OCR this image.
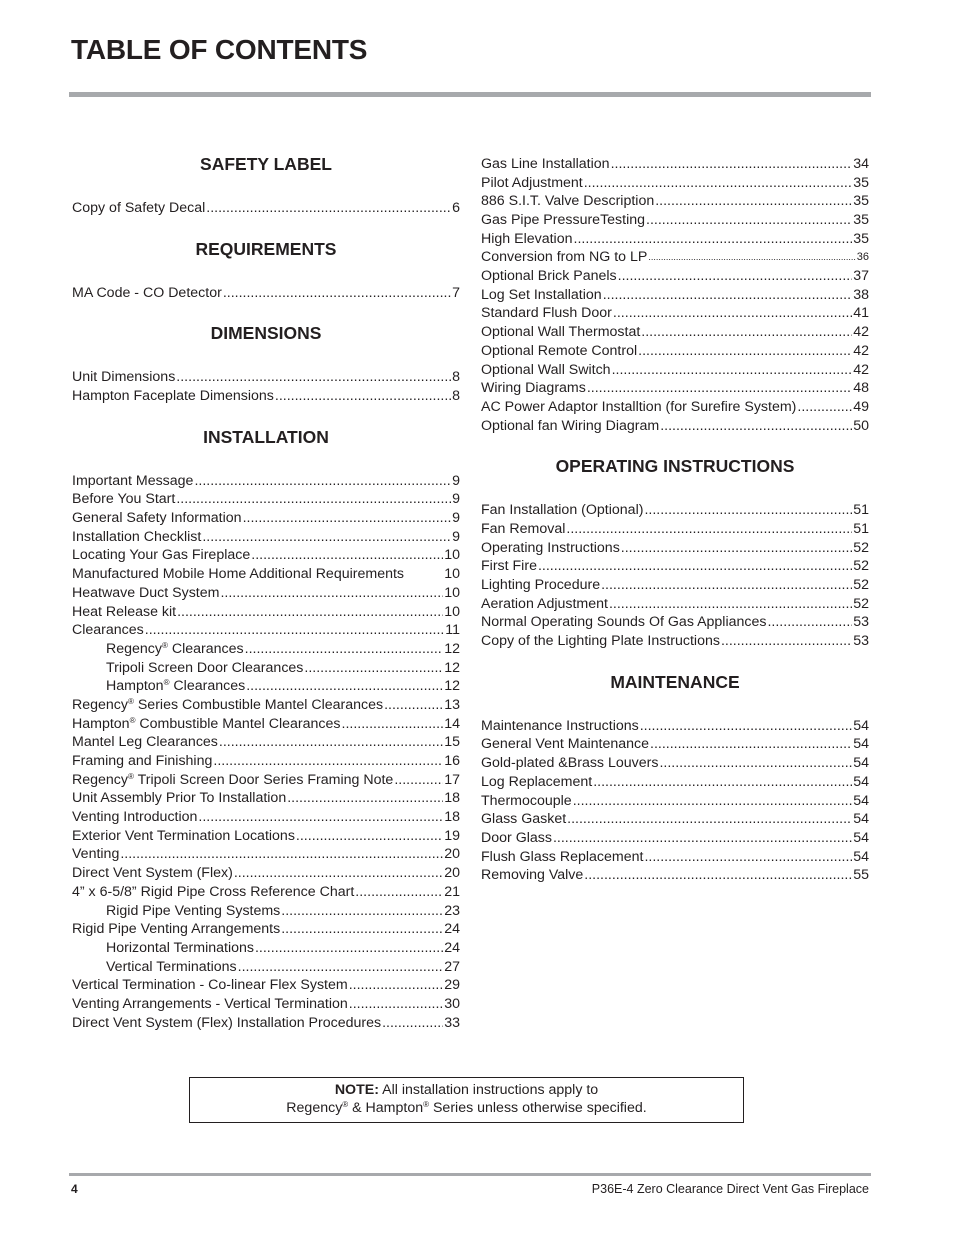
TABLE OF CONTENTS
SAFETY LABEL
Copy of Safety Decal .....	6
REQUIREMENTS
MA Code - CO Detector .....	7
DIMENSIONS
Unit Dimensions .....	8
Hampton Faceplate Dimensions .....	8
INSTALLATION
Important Message .....	9
Before You Start .....	9
General Safety Information .....	9
Installation Checklist .....	9
Locating Your Gas Fireplace .....	10
Manufactured Mobile Home Additional Requirements	10
Heatwave Duct System .....	10
Heat Release kit .....	10
Clearances .....	11
Regency® Clearances .....	12
Tripoli Screen Door Clearances .....	12
Hampton® Clearances .....	12
Regency® Series Combustible Mantel Clearances .....	13
Hampton® Combustible Mantel Clearances .....	14
Mantel Leg Clearances .....	15
Framing and Finishing .....	16
Regency® Tripoli Screen Door Series Framing Note .....	17
Unit Assembly Prior To Installation .....	18
Venting Introduction .....	18
Exterior Vent Termination Locations .....	19
Venting .....	20
Direct Vent System (Flex) .....	20
4” x 6-5/8” Rigid Pipe Cross Reference Chart .....	21
Rigid Pipe Venting Systems .....	23
Rigid Pipe Venting Arrangements .....	24
Horizontal Terminations .....	24
Vertical Terminations .....	27
Vertical Termination - Co-linear Flex System .....	29
Venting Arrangements - Vertical Termination .....	30
Direct Vent System (Flex) Installation Procedures .....	33
Gas Line Installation .....	34
Pilot Adjustment .....	35
886 S.I.T. Valve Description .....	35
Gas Pipe PressureTesting .....	35
High Elevation .....	35
Conversion from NG to LP .....	36
Optional Brick Panels .....	37
Log Set Installation .....	38
Standard Flush Door .....	41
Optional Wall Thermostat .....	42
Optional Remote Control .....	42
Optional Wall Switch .....	42
Wiring Diagrams .....	48
AC Power Adaptor Installtion (for Surefire System) .....	49
Optional fan Wiring Diagram .....	50
OPERATING INSTRUCTIONS
Fan Installation (Optional) .....	51
Fan Removal .....	51
Operating Instructions .....	52
First Fire .....	52
Lighting Procedure .....	52
Aeration Adjustment .....	52
Normal Operating Sounds Of Gas Appliances .....	53
Copy of the Lighting Plate Instructions .....	53
MAINTENANCE
Maintenance Instructions .....	54
General Vent Maintenance .....	54
Gold-plated &Brass Louvers .....	54
Log Replacement .....	54
Thermocouple .....	54
Glass Gasket .....	54
Door Glass .....	54
Flush Glass Replacement .....	54
Removing Valve .....	55
NOTE: All installation instructions apply to
Regency® & Hampton® Series unless otherwise specified.
4	P36E-4 Zero Clearance Direct Vent Gas Fireplace
